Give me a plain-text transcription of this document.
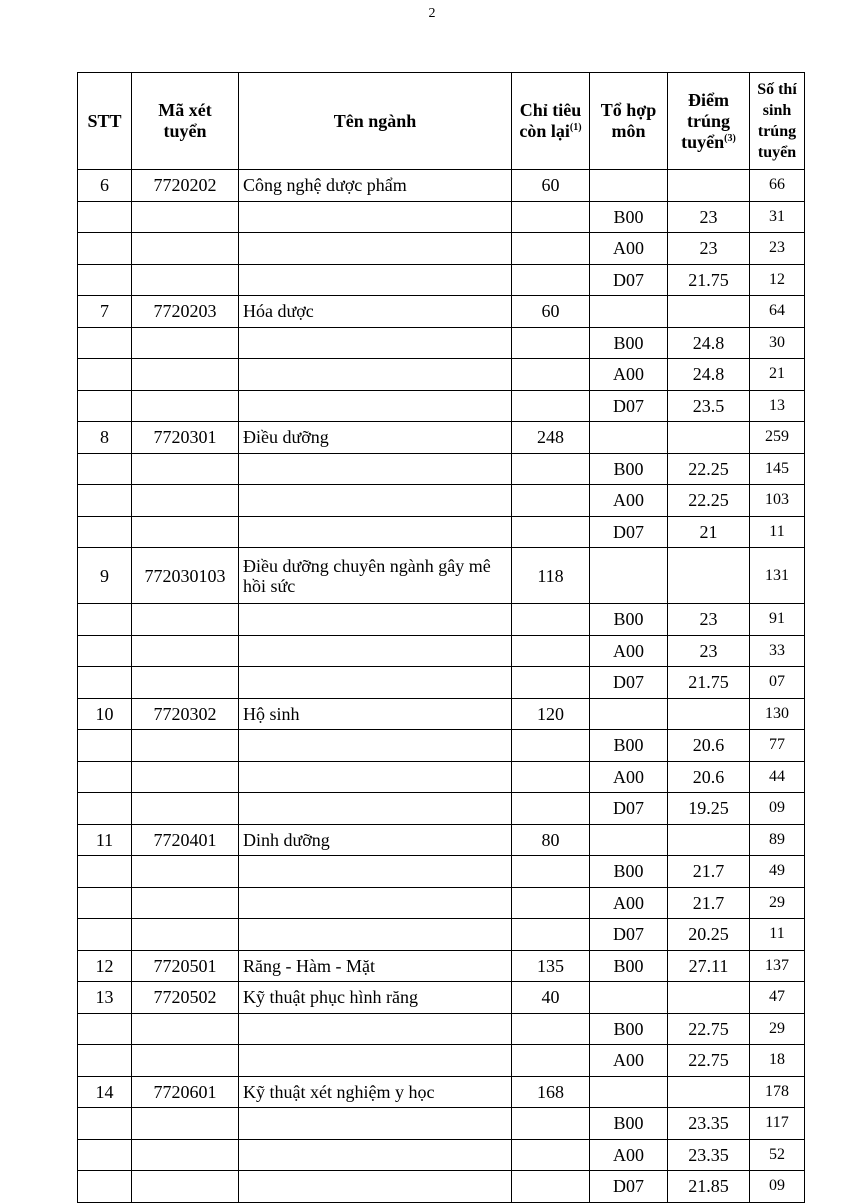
2
STT	Mã xét tuyển	Tên ngành	Chỉ tiêu còn lại$^{(1)}$	Tổ hợp môn	Điểm trúng tuyển$^{(3)}$	Số thí sinh trúng tuyển
6	7720202	Công nghệ dược phẩm	60			66
				B00	23	31
				A00	23	23
				D07	21.75	12
7	7720203	Hóa dược	60			64
				B00	24.8	30
				A00	24.8	21
				D07	23.5	13
8	7720301	Điều dưỡng	248			259
				B00	22.25	145
				A00	22.25	103
				D07	21	11
9	772030103	Điều dưỡng chuyên ngành gây mê hồi sức	118			131
				B00	23	91
				A00	23	33
				D07	21.75	07
10	7720302	Hộ sinh	120			130
				B00	20.6	77
				A00	20.6	44
				D07	19.25	09
11	7720401	Dinh dưỡng	80			89
				B00	21.7	49
				A00	21.7	29
				D07	20.25	11
12	7720501	Răng - Hàm - Mặt	135	B00	27.11	137
13	7720502	Kỹ thuật phục hình răng	40			47
				B00	22.75	29
				A00	22.75	18
14	7720601	Kỹ thuật xét nghiệm y học	168			178
				B00	23.35	117
				A00	23.35	52
				D07	21.85	09
